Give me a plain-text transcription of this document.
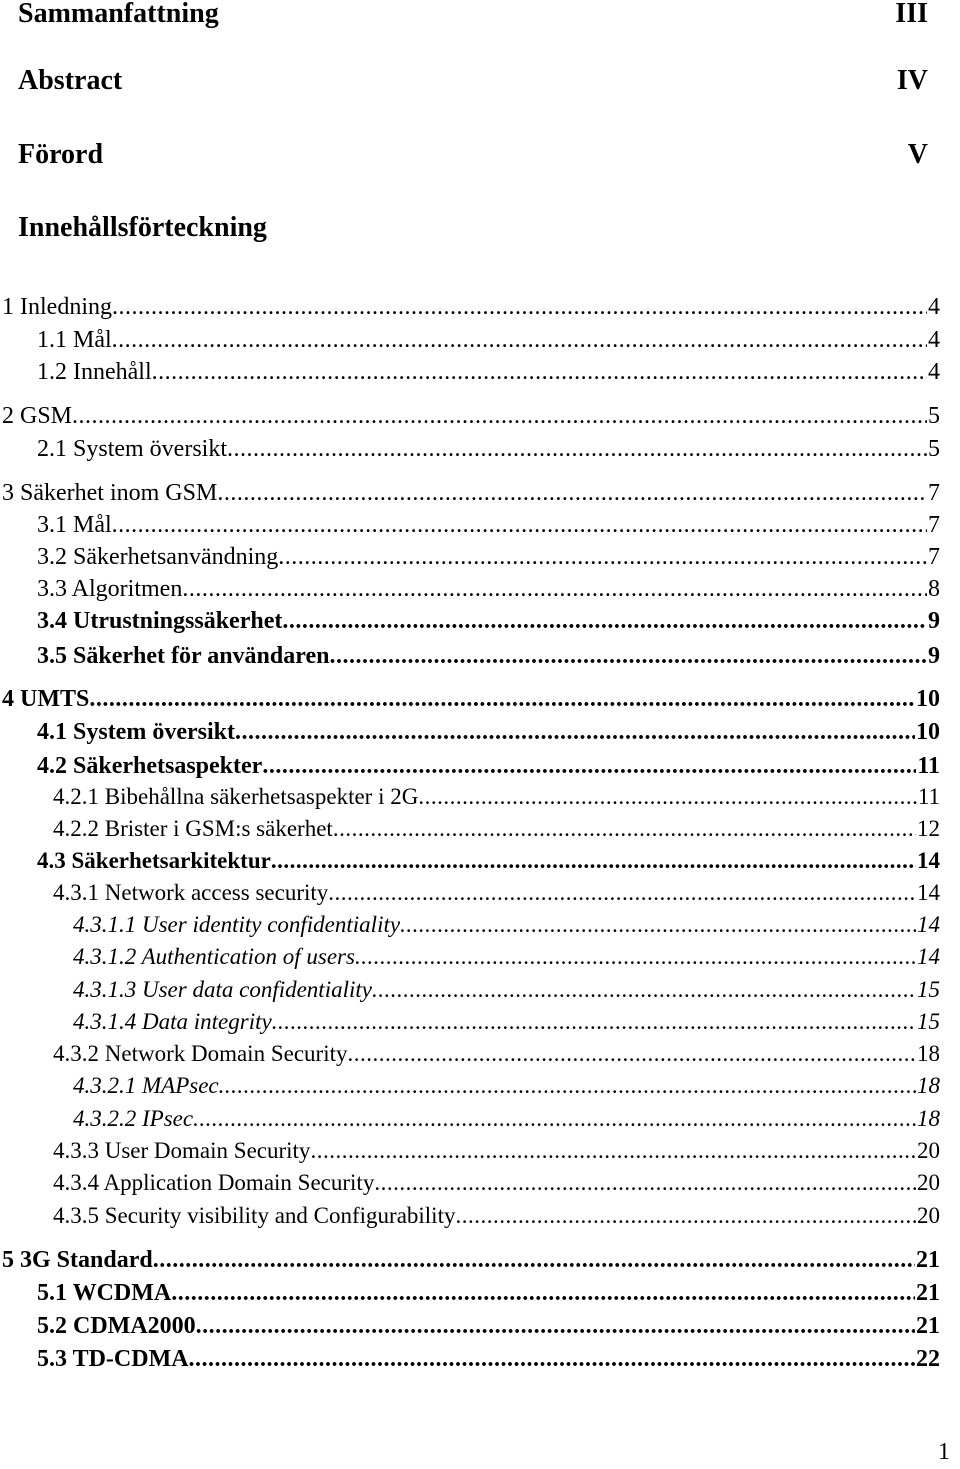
Sammanfattning	III
Abstract	IV
Förord	V
Innehållsförteckning
1 Inledning .....	4
1.1 Mål .....	4
1.2 Innehåll .....	4
2 GSM .....	5
2.1 System översikt .....	5
3 Säkerhet inom GSM .....	7
3.1 Mål .....	7
3.2 Säkerhetsanvändning .....	7
3.3 Algoritmen .....	8
3.4 Utrustningssäkerhet .....	9
3.5 Säkerhet för användaren .....	9
4 UMTS .....	10
4.1 System översikt .....	10
4.2 Säkerhetsaspekter .....	11
4.2.1 Bibehållna säkerhetsaspekter i 2G .....	11
4.2.2 Brister i GSM:s säkerhet .....	12
4.3 Säkerhetsarkitektur .....	14
4.3.1 Network access security .....	14
4.3.1.1 User identity confidentiality .....	14
4.3.1.2 Authentication of users .....	14
4.3.1.3 User data confidentiality .....	15
4.3.1.4 Data integrity .....	15
4.3.2 Network Domain Security .....	18
4.3.2.1 MAPsec .....	18
4.3.2.2 IPsec .....	18
4.3.3 User Domain Security .....	20
4.3.4 Application Domain Security .....	20
4.3.5 Security visibility and Configurability .....	20
5 3G Standard .....	21
5.1 WCDMA .....	21
5.2 CDMA2000 .....	21
5.3 TD-CDMA .....	22
1
